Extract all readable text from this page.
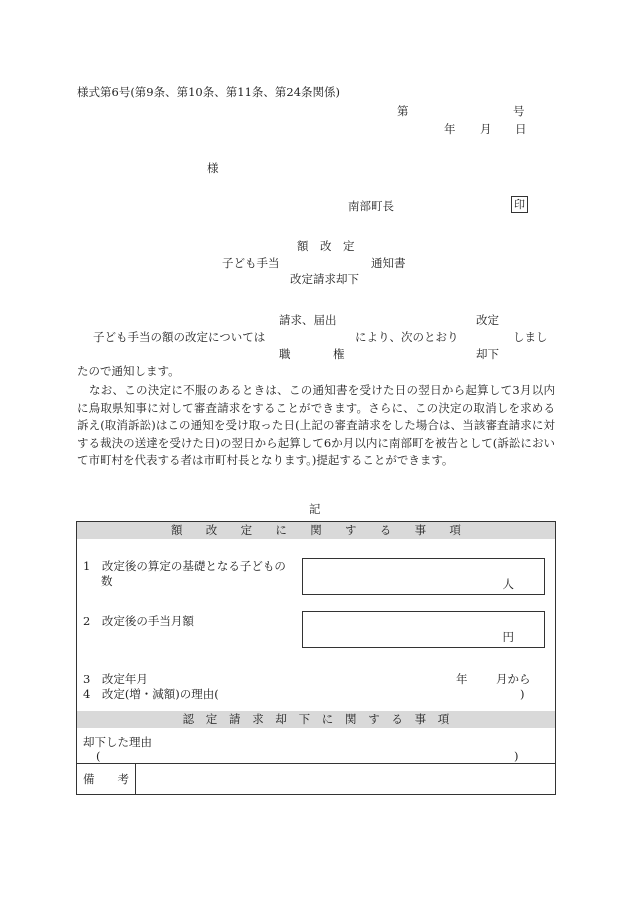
様式第6号(第9条、第10条、第11条、第24条関係)
第	号
年 月 日
様
南部町長	印
額　改　定
子ども手当	通知書
改定請求却下
請求、届出	改定
子ども手当の額の改定については	により、次のとおり	しまし
職	権	却下
たので通知します。
なお、この決定に不服のあるときは、この通知書を受けた日の翌日から起算して3月以内に鳥取県知事に対して審査請求をすることができます。さらに、この決定の取消しを求める訴え(取消訴訟)はこの通知を受け取った日(上記の審査請求をした場合は、当該審査請求に対する裁決の送達を受けた日)の翌日から起算して6か月以内に南部町を被告として(訴訟において市町村を代表する者は市町村長となります。)提起することができます。
記
額　　改　　定　　に　　関　　す　　る　　事　　項
1　改定後の算定の基礎となる子どもの
数	人
2　改定後の手当月額
円
3　改定年月	年 月から
4　改定(増・減額)の理由(	)
認　定　請　求　却　下　に　関　す　る　事　項
却下した理由
(	)
備　　考
